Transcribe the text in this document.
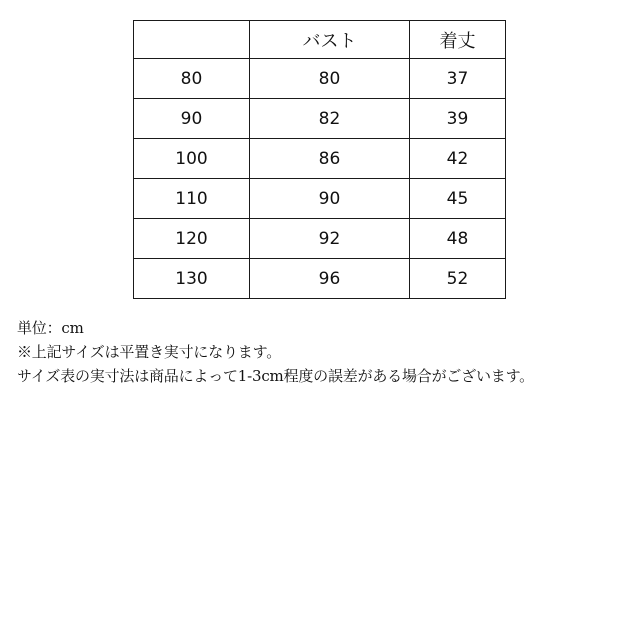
	バスト	着丈
80	80	37
90	82	39
100	86	42
110	90	45
120	92	48
130	96	52
単位：cm
※上記サイズは平置き実寸になります。
サイズ表の実寸法は商品によって1-3cm程度の誤差がある場合がございます。
